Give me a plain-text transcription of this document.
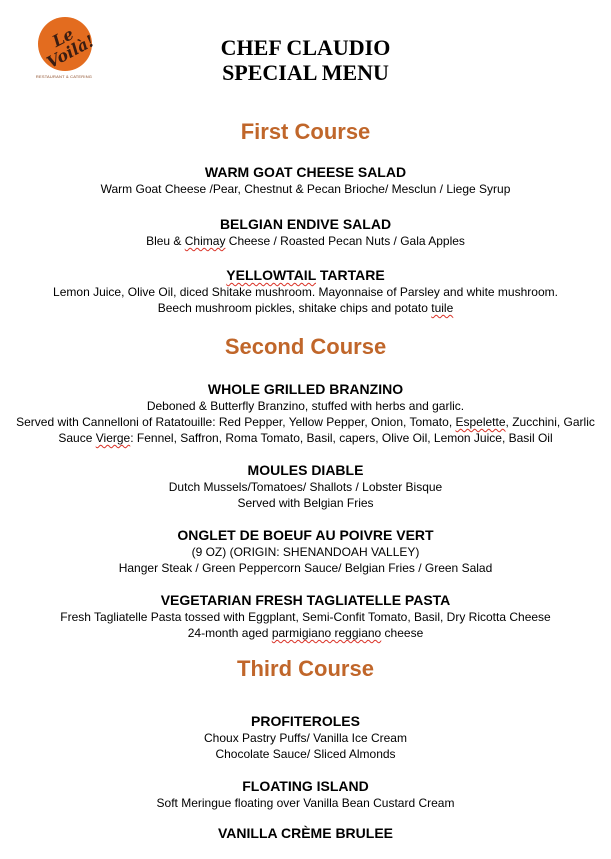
Le Voilà!
RESTAURANT & CATERING
CHEF CLAUDIO
SPECIAL MENU
First Course
WARM GOAT CHEESE SALAD
Warm Goat Cheese /Pear, Chestnut & Pecan Brioche/ Mesclun / Liege Syrup
BELGIAN ENDIVE SALAD
Bleu & Chimay Cheese / Roasted Pecan Nuts / Gala Apples
YELLOWTAIL TARTARE
Lemon Juice, Olive Oil, diced Shitake mushroom. Mayonnaise of Parsley and white mushroom.
Beech mushroom pickles, shitake chips and potato tuile
Second Course
WHOLE GRILLED BRANZINO
Deboned & Butterfly Branzino, stuffed with herbs and garlic.
Served with Cannelloni of Ratatouille: Red Pepper, Yellow Pepper, Onion, Tomato, Espelette, Zucchini, Garlic
Sauce Vierge: Fennel, Saffron, Roma Tomato, Basil, capers, Olive Oil, Lemon Juice, Basil Oil
MOULES DIABLE
Dutch Mussels/Tomatoes/ Shallots / Lobster Bisque
Served with Belgian Fries
ONGLET DE BOEUF AU POIVRE VERT
(9 OZ) (ORIGIN: SHENANDOAH VALLEY)
Hanger Steak / Green Peppercorn Sauce/ Belgian Fries / Green Salad
VEGETARIAN FRESH TAGLIATELLE PASTA
Fresh Tagliatelle Pasta tossed with Eggplant, Semi-Confit Tomato, Basil, Dry Ricotta Cheese
24-month aged parmigiano reggiano cheese
Third Course
PROFITEROLES
Choux Pastry Puffs/ Vanilla Ice Cream
Chocolate Sauce/ Sliced Almonds
FLOATING ISLAND
Soft Meringue floating over Vanilla Bean Custard Cream
VANILLA CRÈME BRULEE
